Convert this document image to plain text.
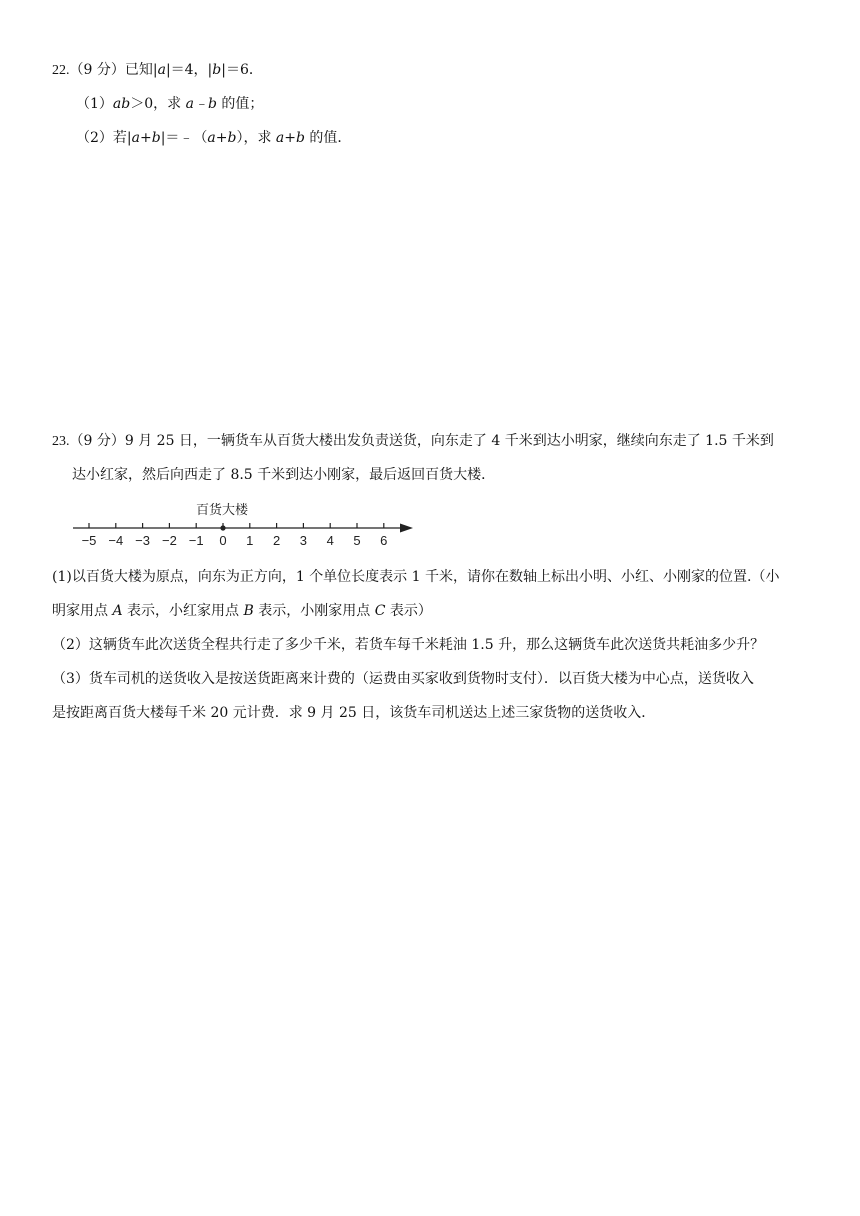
22.（9 分）已知|a|＝4，|b|＝6．
（1）ab＞0，求 a﹣b 的值；
（2）若|a+b|＝﹣（a+b），求 a+b 的值．
23.（9 分）9 月 25 日，一辆货车从百货大楼出发负责送货，向东走了 4 千米到达小明家，继续向东走了 1.5 千米到
达小红家，然后向西走了 8.5 千米到达小刚家，最后返回百货大楼．
百货大楼
−5 −4 −3 −2 −1 0 1 2 3 4 5 6
(1)以百货大楼为原点，向东为正方向，1 个单位长度表示 1 千米，请你在数轴上标出小明、小红、小刚家的位置.（小
明家用点 A 表示，小红家用点 B 表示，小刚家用点 C 表示）
（2）这辆货车此次送货全程共行走了多少千米，若货车每千米耗油 1.5 升，那么这辆货车此次送货共耗油多少升？
（3）货车司机的送货收入是按送货距离来计费的（运费由买家收到货物时支付）．以百货大楼为中心点，送货收入
是按距离百货大楼每千米 20 元计费．求 9 月 25 日，该货车司机送达上述三家货物的送货收入．
